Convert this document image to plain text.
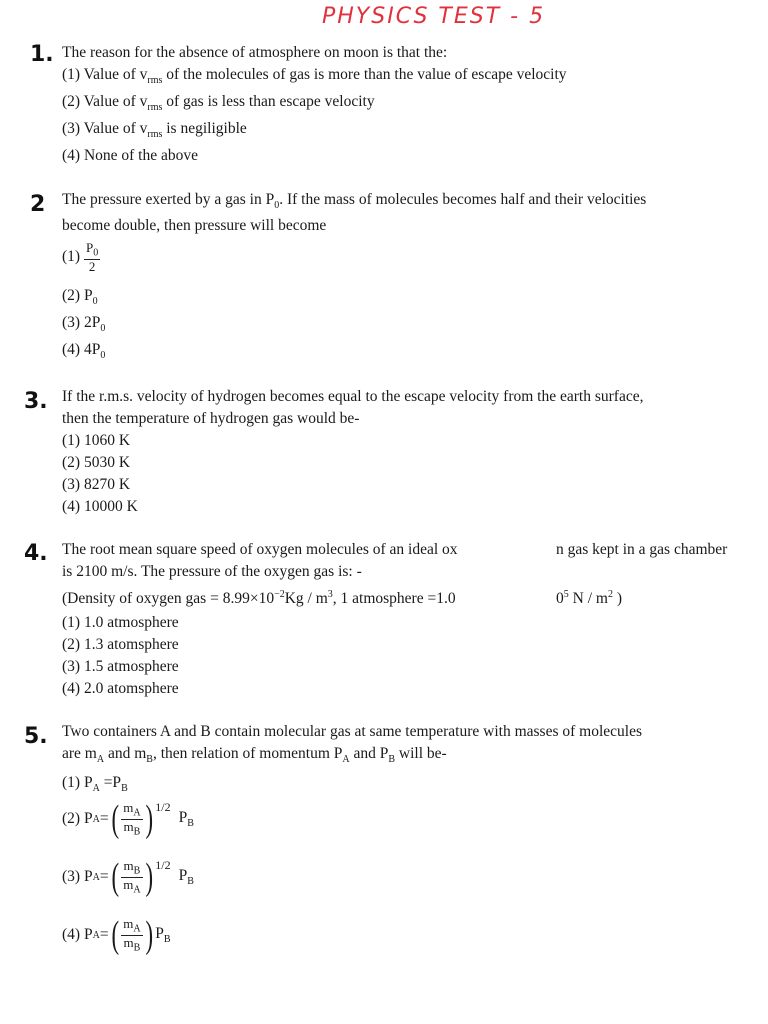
PHYSICS TEST - 5
1. The reason for the absence of atmosphere on moon is that the:
(1) Value of $v_{rms}$ of the molecules of gas is more than the value of escape velocity
(2) Value of $v_{rms}$ of gas is less than escape velocity
(3) Value of $v_{rms}$ is negiligible
(4) None of the above
2 The pressure exerted by a gas in $P_0$. If the mass of molecules becomes half and their velocities
become double, then pressure will become
$(1) \frac{P_0}{2}$
(2) $P_0$
(3) $2P_0$
(4) $4P_0$
3. If the r.m.s. velocity of hydrogen becomes equal to the escape velocity from the earth surface,
then the temperature of hydrogen gas would be-
(1) 1060 K
(2) 5030 K
(3) 8270 K
(4) 10000 K
4. The root mean square speed of oxygen molecules of an ideal ox	n gas kept in a gas chamber
is 2100 m/s. The pressure of the oxygen gas is: -
(Density of oxygen gas = $8.99\times 10^{-2}Kg / m^3$, 1 atmosphere =1.0	$0^5$ N / $m^2$ )
(1) 1.0 atmosphere
(2) 1.3 atomsphere
(3) 1.5 atmosphere
(4) 2.0 atomsphere
5. Two containers A and B contain molecular gas at same temperature with masses of molecules
are $m_A$ and $m_B$, then relation of momentum $P_A$ and $P_B$ will be-
(1) $P_A =P_B$
(2) P A = ( $\frac{m_A}{m_B} )^{1/2}$
$P_B$
(3) P A = ( $\frac{m_B}{m_A} )^{1/2}$
$P_B$
(4) P A = ( $\frac{m_A}{m_B}$ ) $P_B$
